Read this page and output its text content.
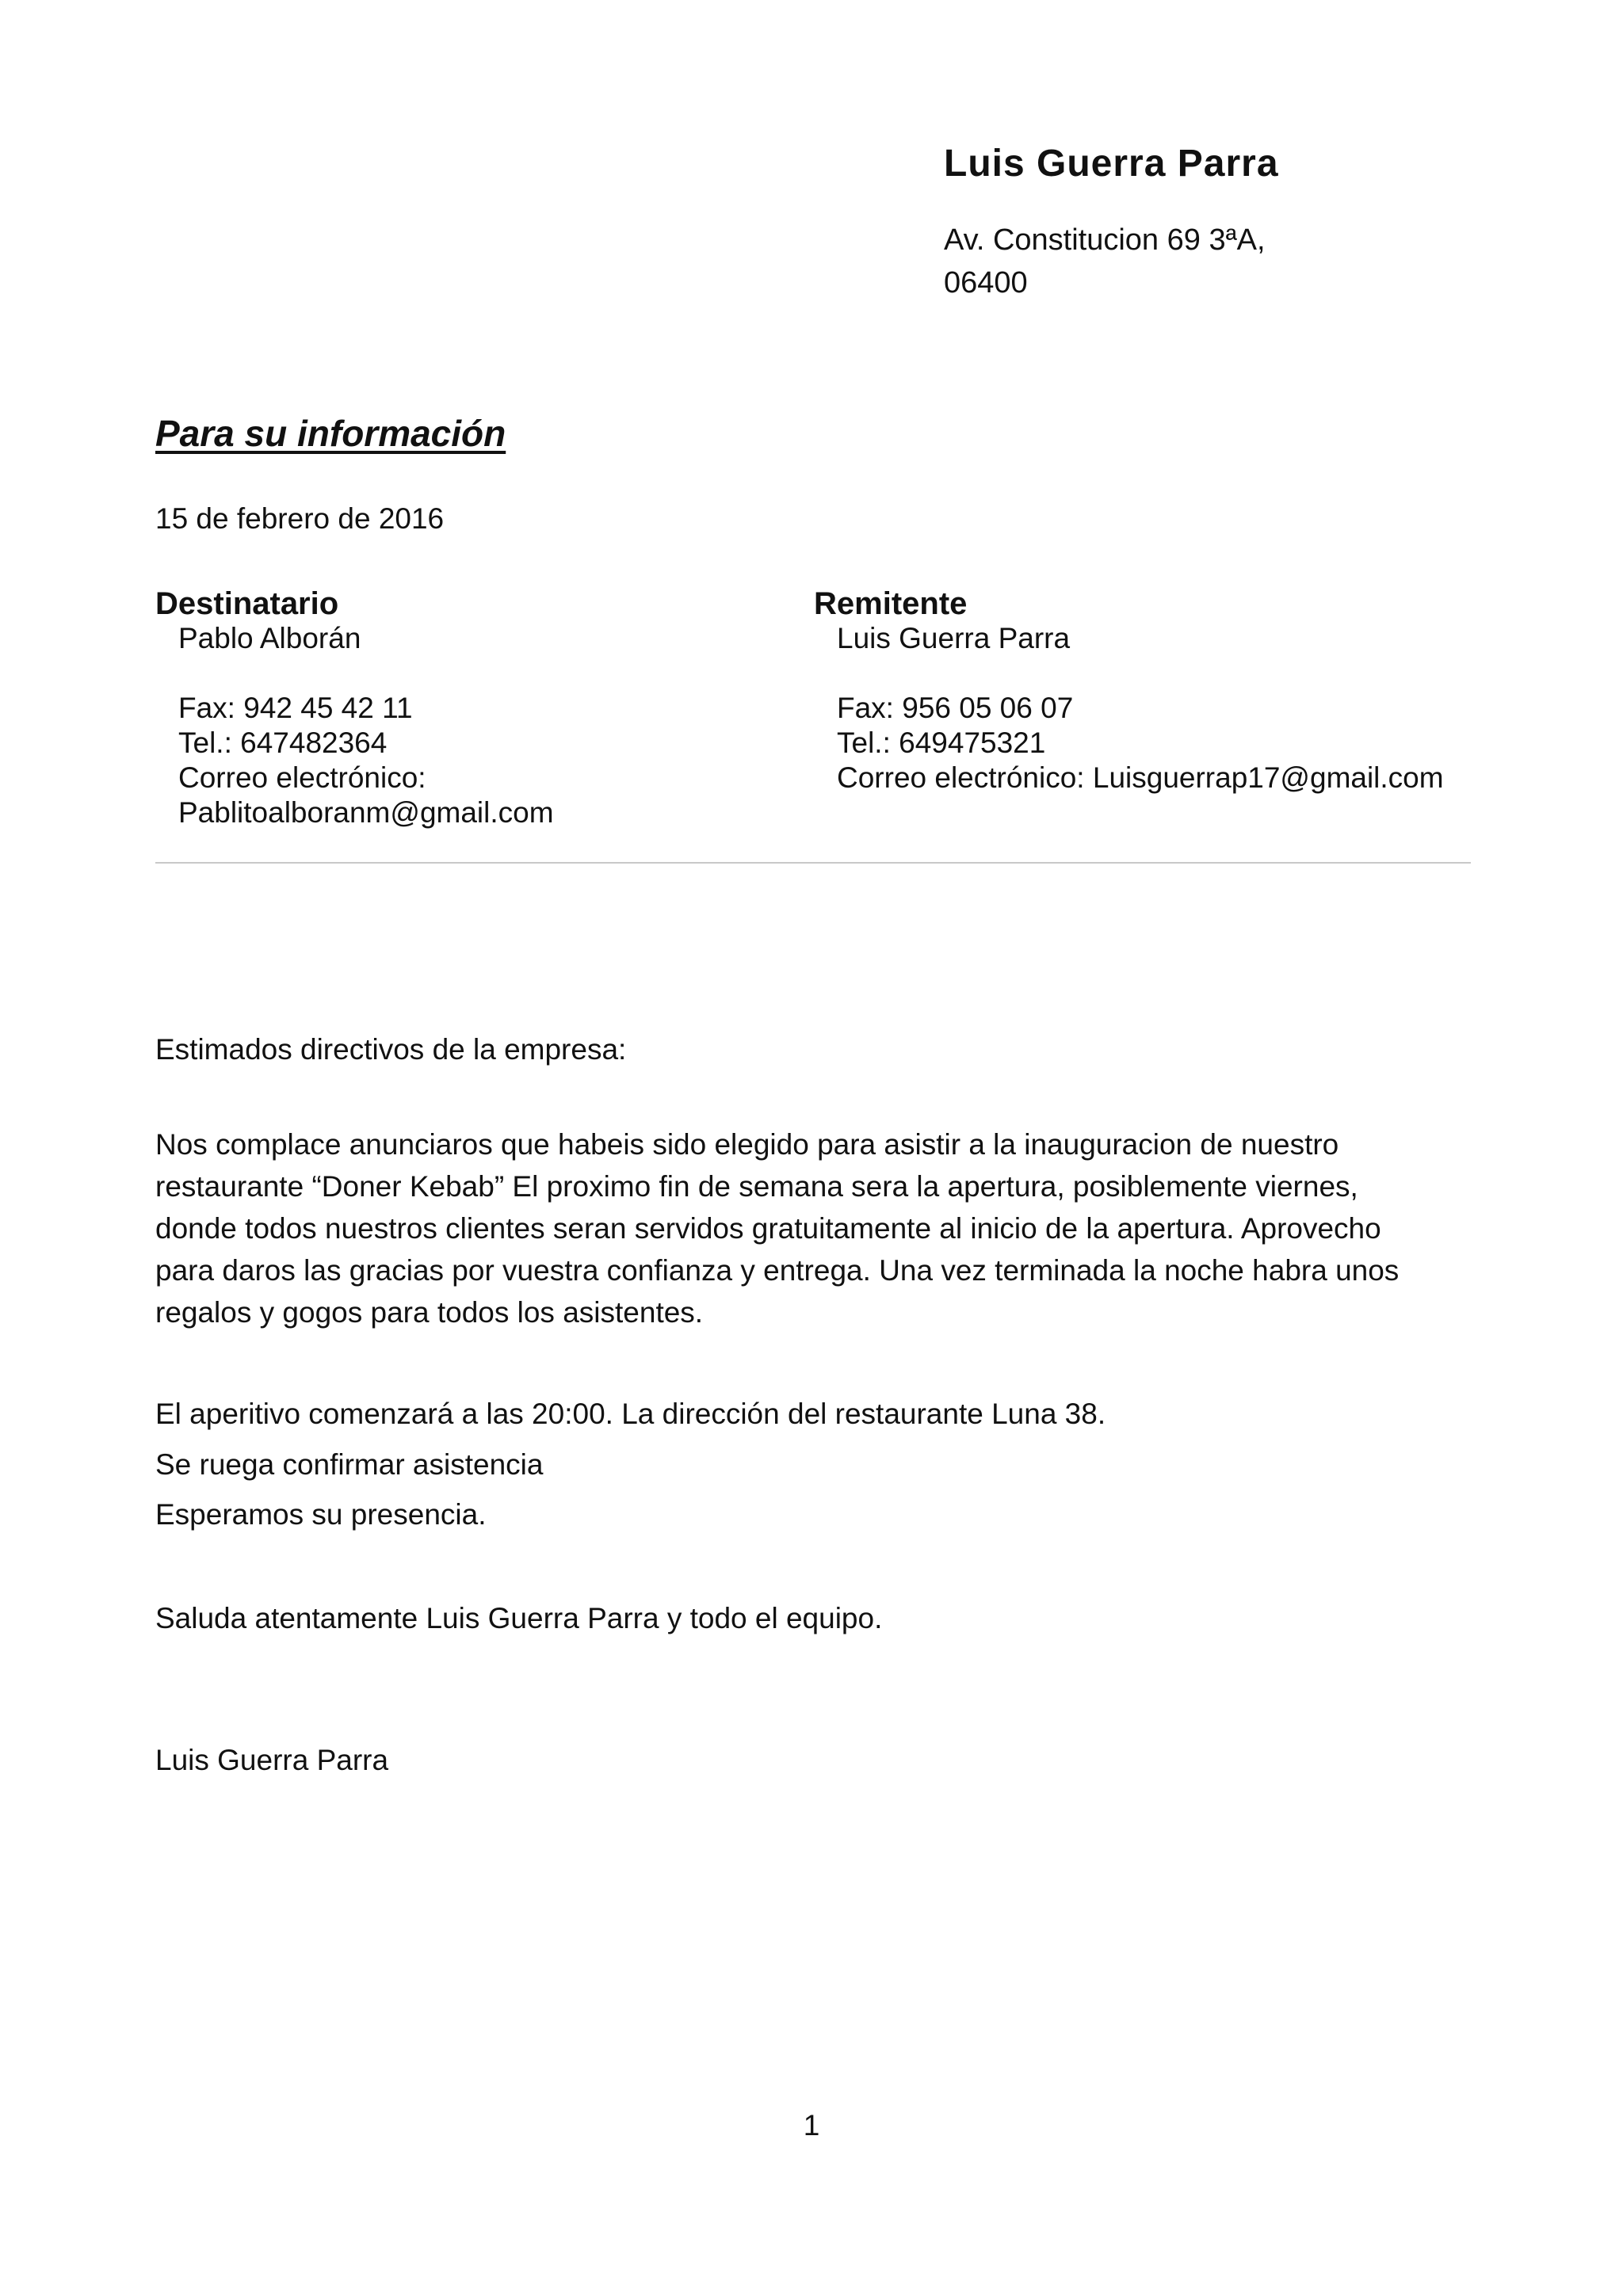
Luis Guerra Parra

Av. Constitucion 69 3ªA,
06400
Para su información
15 de febrero de 2016

Destinatario

Pablo Alborán
Fax: 942 45 42 11
Tel.: 647482364
Correo electrónico:
Pablitoalboranm@gmail.com

Remitente

Luis Guerra Parra
Fax: 956 05 06 07
Tel.: 649475321
Correo electrónico: Luisguerrap17@gmail.com

Estimados directivos de la empresa:

Nos complace anunciaros que habeis sido elegido para asistir a la inauguracion de nuestro
restaurante “Doner Kebab” El proximo fin de semana sera la apertura, posiblemente viernes,
donde todos nuestros clientes seran servidos gratuitamente al inicio de la apertura. Aprovecho
para daros las gracias por vuestra confianza y entrega. Una vez terminada la noche habra unos
regalos y gogos para todos los asistentes.

El aperitivo comenzará a las 20:00. La dirección del restaurante Luna 38.

Se ruega confirmar asistencia

Esperamos su presencia.

Saluda atentamente Luis Guerra Parra y todo el equipo.

Luis Guerra Parra

1
